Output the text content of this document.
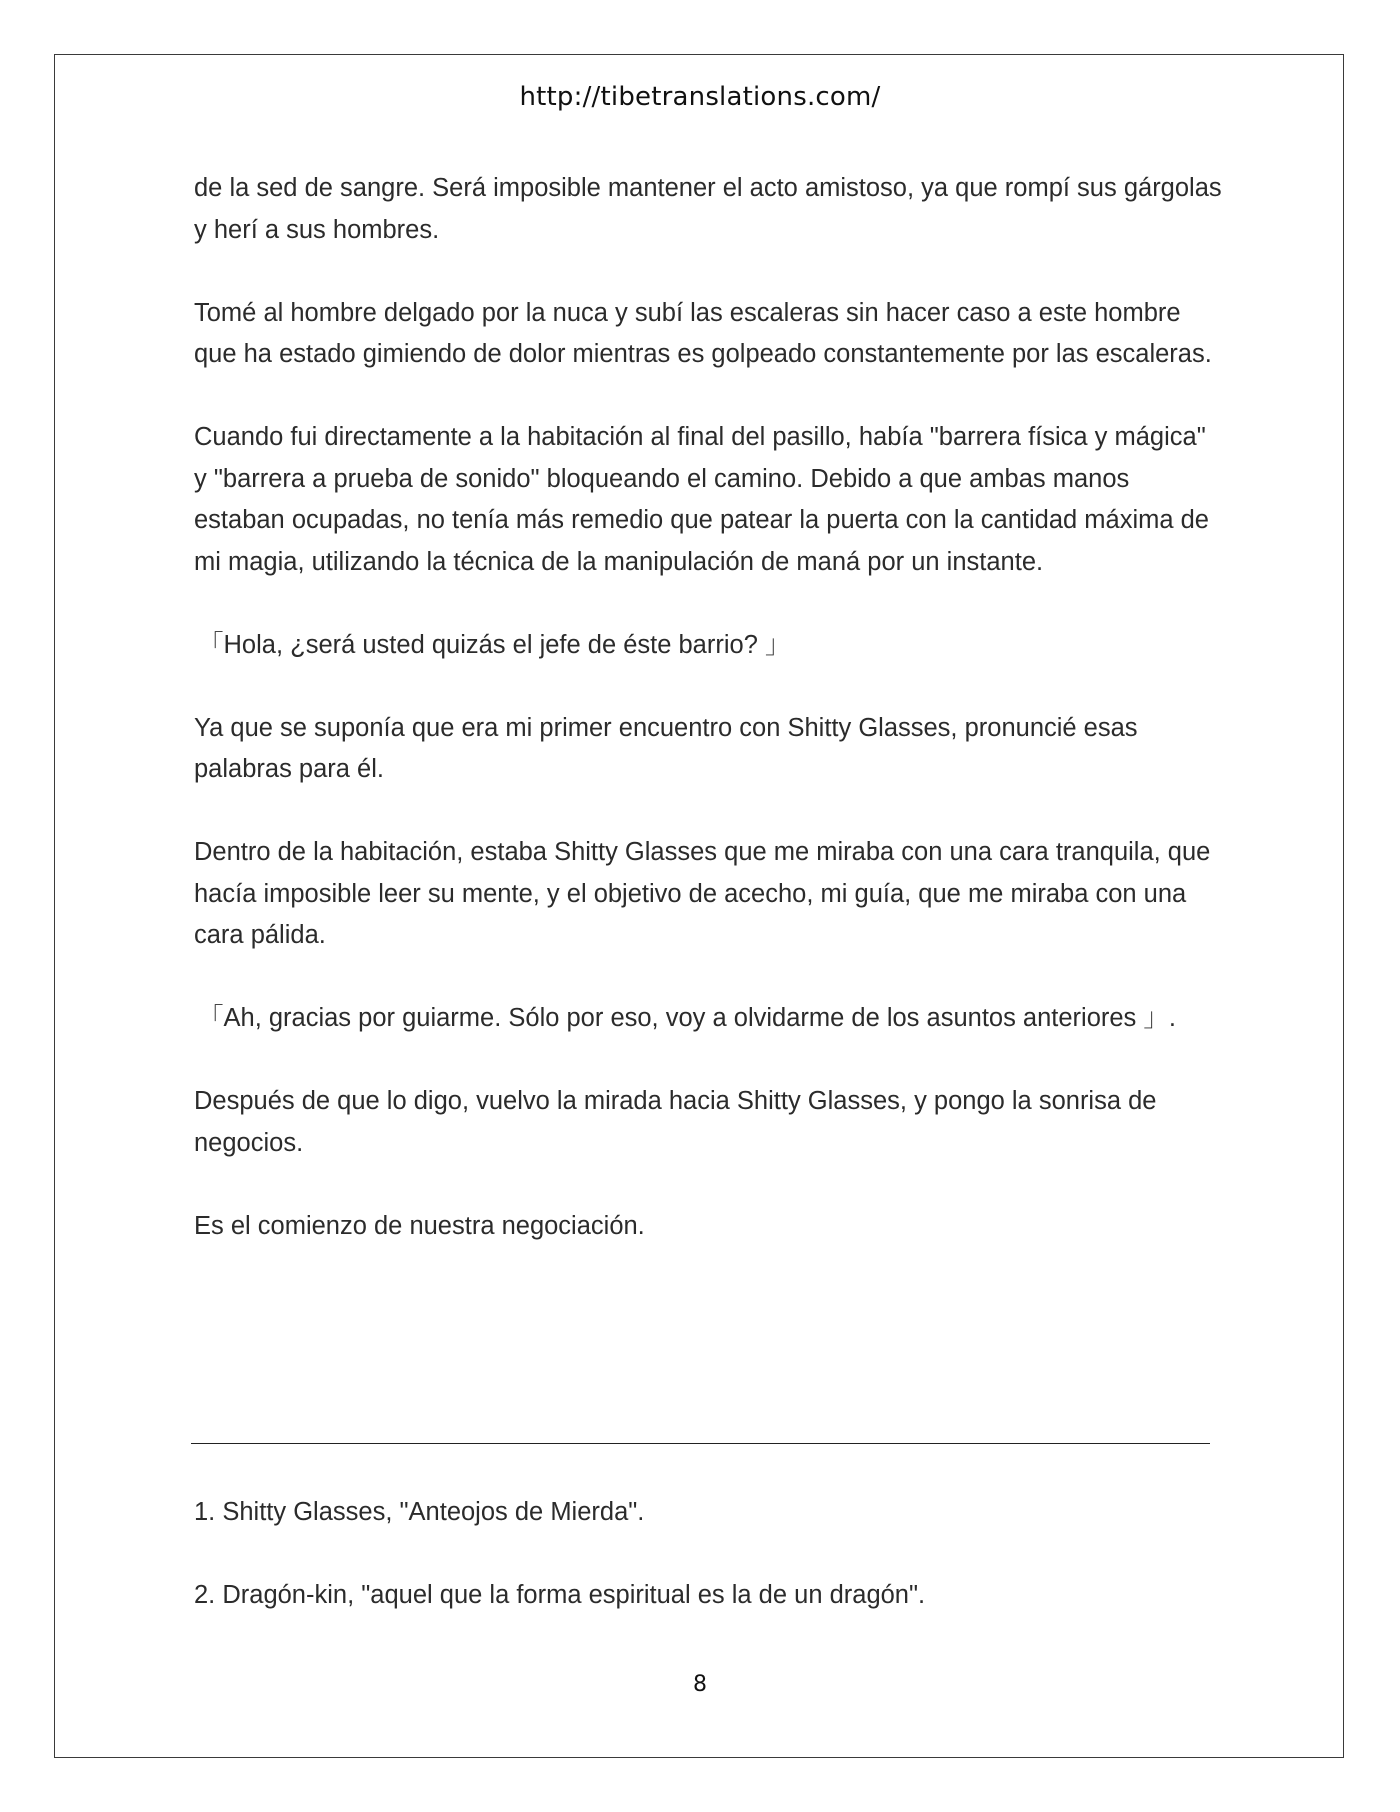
http://tibetranslations.com/

de la sed de sangre. Será imposible mantener el acto amistoso, ya que rompí sus gárgolas y herí a sus hombres.

Tomé al hombre delgado por la nuca y subí las escaleras sin hacer caso a este hombre que ha estado gimiendo de dolor mientras es golpeado constantemente por las escaleras.

Cuando fui directamente a la habitación al final del pasillo, había "barrera física y mágica" y "barrera a prueba de sonido" bloqueando el camino. Debido a que ambas manos estaban ocupadas, no tenía más remedio que patear la puerta con la cantidad máxima de mi magia, utilizando la técnica de la manipulación de maná por un instante.

「Hola, ¿será usted quizás el jefe de éste barrio? 」

Ya que se suponía que era mi primer encuentro con Shitty Glasses, pronuncié esas palabras para él.

Dentro de la habitación, estaba Shitty Glasses que me miraba con una cara tranquila, que hacía imposible leer su mente, y el objetivo de acecho, mi guía, que me miraba con una cara pálida.

「Ah, gracias por guiarme. Sólo por eso, voy a olvidarme de los asuntos anteriores 」.

Después de que lo digo, vuelvo la mirada hacia Shitty Glasses, y pongo la sonrisa de negocios.

Es el comienzo de nuestra negociación.

1. Shitty Glasses, "Anteojos de Mierda".

2. Dragón-kin, "aquel que la forma espiritual es la de un dragón".

8
